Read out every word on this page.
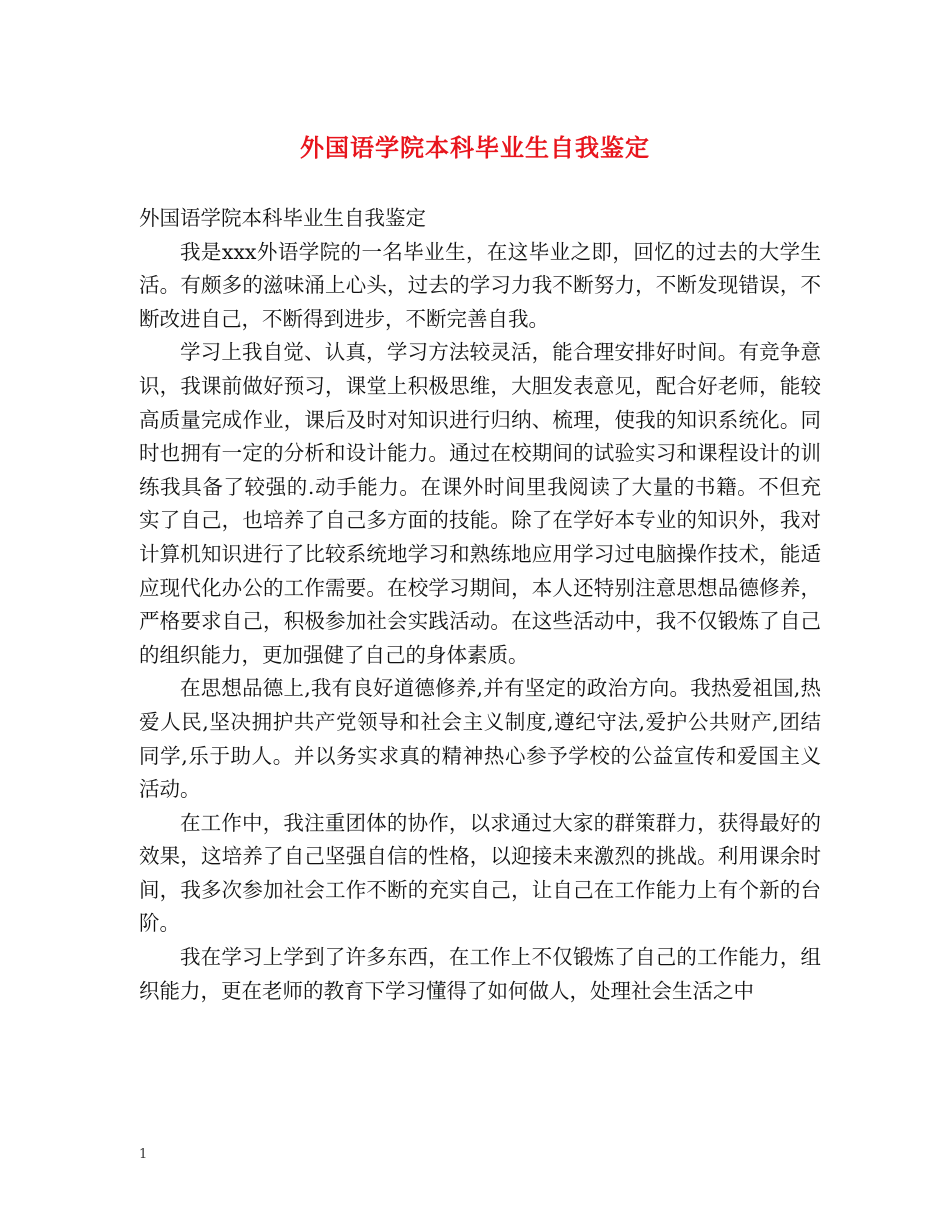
外国语学院本科毕业生自我鉴定

外国语学院本科毕业生自我鉴定

我是xxx外语学院的一名毕业生，在这毕业之即，回忆的过去的大学生活。有颇多的滋味涌上心头，过去的学习力我不断努力，不断发现错误，不断改进自己，不断得到进步，不断完善自我。

学习上我自觉、认真，学习方法较灵活，能合理安排好时间。有竞争意识，我课前做好预习，课堂上积极思维，大胆发表意见，配合好老师，能较高质量完成作业，课后及时对知识进行归纳、梳理，使我的知识系统化。同时也拥有一定的分析和设计能力。通过在校期间的试验实习和课程设计的训练我具备了较强的.动手能力。在课外时间里我阅读了大量的书籍。不但充实了自己，也培养了自己多方面的技能。除了在学好本专业的知识外，我对计算机知识进行了比较系统地学习和熟练地应用学习过电脑操作技术，能适应现代化办公的工作需要。在校学习期间，本人还特别注意思想品德修养，严格要求自己，积极参加社会实践活动。在这些活动中，我不仅锻炼了自己的组织能力，更加强健了自己的身体素质。

在思想品德上,我有良好道德修养,并有坚定的政治方向。我热爱祖国,热爱人民,坚决拥护共产党领导和社会主义制度,遵纪守法,爱护公共财产,团结同学,乐于助人。并以务实求真的精神热心参予学校的公益宣传和爱国主义活动。

在工作中，我注重团体的协作，以求通过大家的群策群力，获得最好的效果，这培养了自己坚强自信的性格，以迎接未来激烈的挑战。利用课余时间，我多次参加社会工作不断的充实自己，让自己在工作能力上有个新的台阶。

我在学习上学到了许多东西，在工作上不仅锻炼了自己的工作能力，组织能力，更在老师的教育下学习懂得了如何做人，处理社会生活之中

1
